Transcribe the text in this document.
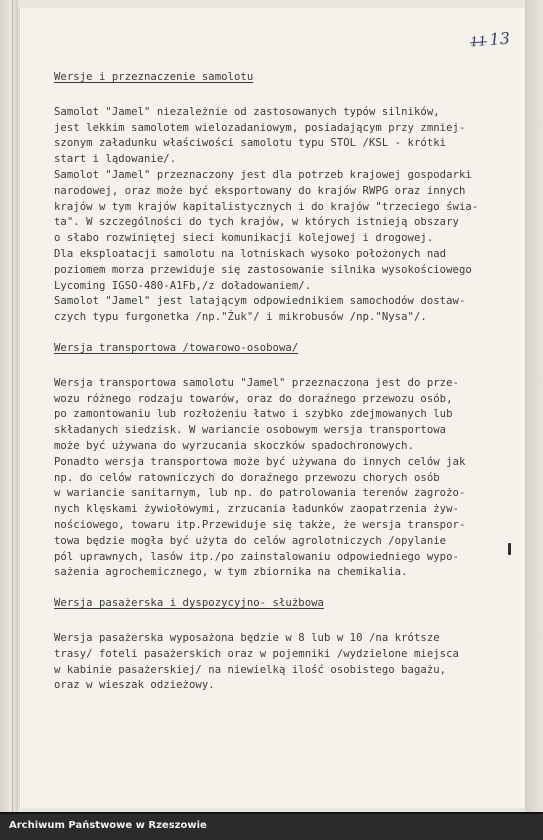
11 13
Wersje i przeznaczenie samolotu
Samolot "Jamel" niezależnie od zastosowanych typów silników,
jest lekkim samolotem wielozadaniowym, posiadającym przy zmniej-
szonym załadunku właściwości samolotu typu STOL /KSL - krótki
start i lądowanie/.
Samolot "Jamel" przeznaczony jest dla potrzeb krajowej gospodarki
narodowej, oraz może być eksportowany do krajów RWPG oraz innych
krajów w tym krajów kapitalistycznych i do krajów "trzeciego świa-
ta". W szczególności do tych krajów, w których istnieją obszary
o słabo rozwiniętej sieci komunikacji kolejowej i drogowej.
Dla eksploatacji samolotu na lotniskach wysoko położonych nad
poziomem morza przewiduje się zastosowanie silnika wysokościowego
Lycoming IGSO-480-A1Fb,/z doładowaniem/.
Samolot "Jamel" jest latającym odpowiednikiem samochodów dostaw-
czych typu furgonetka /np."Żuk"/ i mikrobusów /np."Nysa"/.
Wersja transportowa /towarowo-osobowa/
Wersja transportowa samolotu "Jamel" przeznaczona jest do prze-
wozu różnego rodzaju towarów, oraz do doraźnego przewozu osób,
po zamontowaniu lub rozłożeniu łatwo i szybko zdejmowanych lub
składanych siedzisk. W wariancie osobowym wersja transportowa
może być używana do wyrzucania skoczków spadochronowych.
Ponadto wersja transportowa może być używana do innych celów jak
np. do celów ratowniczych do doraźnego przewozu chorych osób
w wariancie sanitarnym, lub np. do patrolowania terenów zagrożo-
nych klęskami żywiołowymi, zrzucania ładunków zaopatrzenia żyw-
nościowego, towaru itp.Przewiduje się także, że wersja transpor-
towa będzie mogła być użyta do celów agrolotniczych /opylanie
pól uprawnych, lasów itp./po zainstalowaniu odpowiedniego wypo-
sażenia agrochemicznego, w tym zbiornika na chemikalia.
Wersja pasażerska i dyspozycyjno- służbowa
Wersja pasażerska wyposażona będzie w 8 lub w 10 /na krótsze
trasy/ foteli pasażerskich oraz w pojemniki /wydzielone miejsca
w kabinie pasażerskiej/ na niewielką ilość osobistego bagażu,
oraz w wieszak odzieżowy.
Archiwum Państwowe w Rzeszowie
